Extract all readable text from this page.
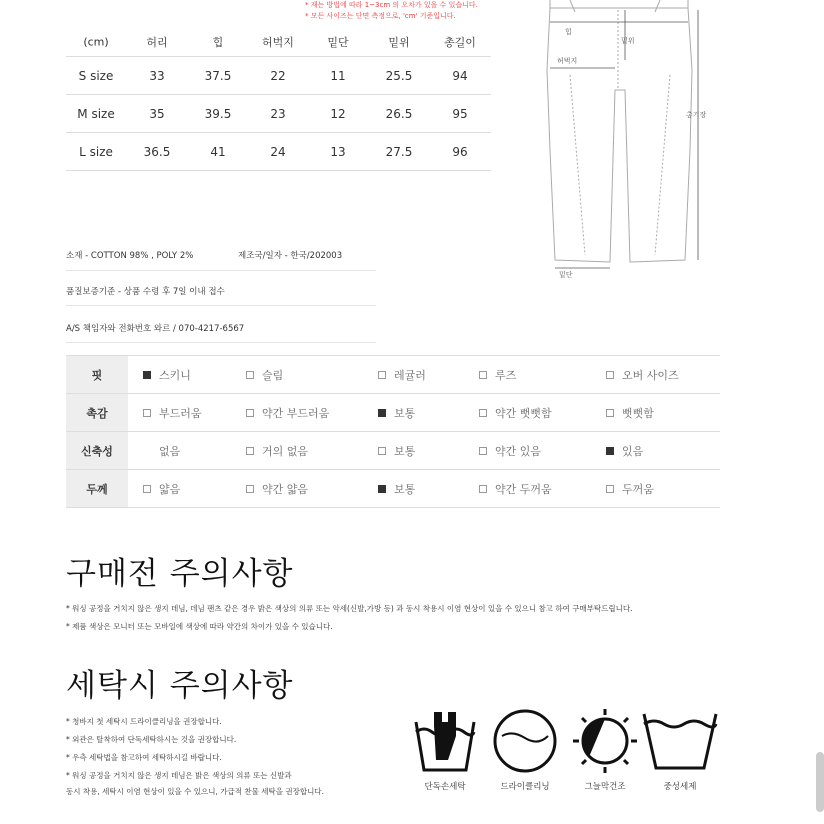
* 재는 방법에 따라 1~3cm 의 오차가 있을 수 있습니다.
* 모든 사이즈는 단면 측정으로, 'cm' 기준입니다.
(cm)	허리	힙	허벅지	밑단	밑위	총길이
S size	33	37.5	22	11	25.5	94
M size	35	39.5	23	12	26.5	95
L size	36.5	41	24	13	27.5	96
힙
밑위
허벅지
총기장
밑단
소재 - COTTON 98% , POLY 2%	제조국/일자 - 한국/202003
품질보증기준 - 상품 수령 후 7일 이내 접수
A/S 책임자와 전화번호 와르 / 070-4217-6567
핏	스키니	슬림	레귤러	루즈	오버 사이즈
촉감	부드러움	약간 부드러움	보통	약간 뻣뻣함	뻣뻣함
신축성	없음	거의 없음	보통	약간 있음	있음
두께	얇음	약간 얇음	보통	약간 두꺼움	두꺼움
구매전 주의사항
* 워싱 공정을 거치지 않은 생지 데님, 데님 팬츠 같은 경우 밝은 색상의 의류 또는 악세(신발,가방 등) 과 동시 착용시 이염 현상이 있을 수 있으니 참고 하여 구매부탁드립니다.
* 제품 색상은 모니터 또는 모바일에 색상에 따라 약간의 차이가 있을 수 있습니다.
세탁시 주의사항
* 청바지 첫 세탁시 드라이클리닝을 권장합니다.
* 외관은 탈착하여 단독세탁하시는 것을 권장합니다.
* 우측 세탁법을 참고하여 세탁하시길 바랍니다.
* 워싱 공정을 거치지 않은 생지 데님은 밝은 색상의 의류 또는 신발과
동시 착용, 세탁시 이염 현상이 있을 수 있으니, 가급적 찬물 세탁을 권장합니다.	단독손세탁	드라이클리닝	그늘막건조	중성세제
